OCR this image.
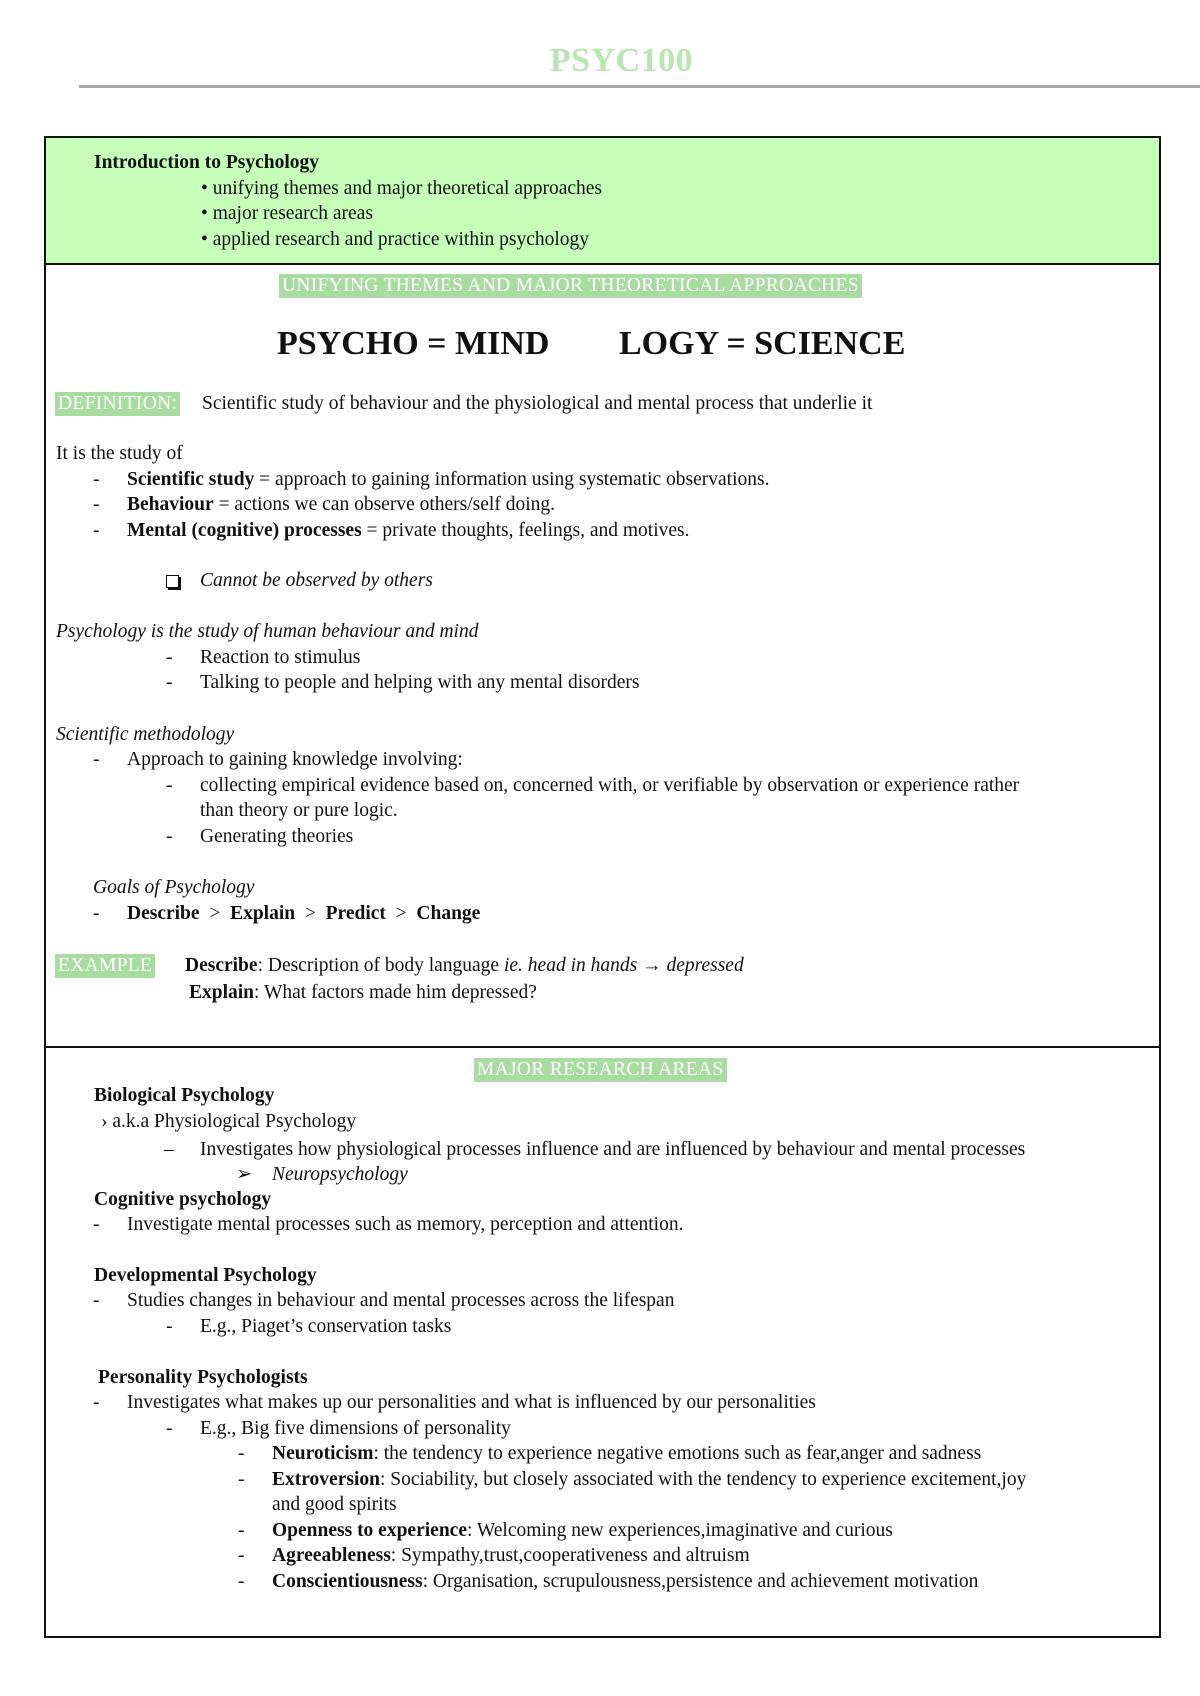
PSYC100
Introduction to Psychology
• unifying themes and major theoretical approaches
• major research areas
• applied research and practice within psychology
UNIFYING THEMES AND MAJOR THEORETICAL APPROACHES
PSYCHO = MIND LOGY = SCIENCE
DEFINITION: Scientific study of behaviour and the physiological and mental process that underlie it
It is the study of
- Scientific study = approach to gaining information using systematic observations.
- Behaviour = actions we can observe others/self doing.
- Mental (cognitive) processes = private thoughts, feelings, and motives.
Cannot be observed by others
Psychology is the study of human behaviour and mind
- Reaction to stimulus
- Talking to people and helping with any mental disorders
Scientific methodology
- Approach to gaining knowledge involving:
- collecting empirical evidence based on, concerned with, or verifiable by observation or experience rather
than theory or pure logic.
- Generating theories
Goals of Psychology
- Describe > Explain > Predict > Change
EXAMPLE Describe: Description of body language ie. head in hands → depressed
Explain: What factors made him depressed?
MAJOR RESEARCH AREAS
Biological Psychology
› a.k.a Physiological Psychology
– Investigates how physiological processes influence and are influenced by behaviour and mental processes
➢ Neuropsychology
Cognitive psychology
- Investigate mental processes such as memory, perception and attention.
Developmental Psychology
- Studies changes in behaviour and mental processes across the lifespan
- E.g., Piaget’s conservation tasks
Personality Psychologists
- Investigates what makes up our personalities and what is influenced by our personalities
- E.g., Big five dimensions of personality
- Neuroticism: the tendency to experience negative emotions such as fear,anger and sadness
- Extroversion: Sociability, but closely associated with the tendency to experience excitement,joy
and good spirits
- Openness to experience: Welcoming new experiences,imaginative and curious
- Agreeableness: Sympathy,trust,cooperativeness and altruism
- Conscientiousness: Organisation, scrupulousness,persistence and achievement motivation
